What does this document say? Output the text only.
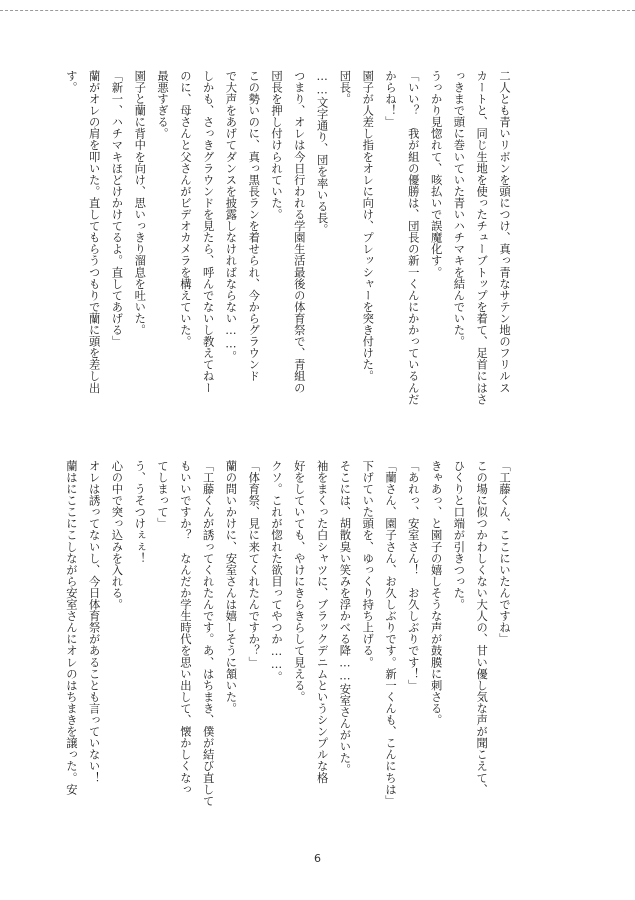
二人とも青いリボンを頭につけ、真っ青なサテン地のフリルス

カートと、同じ生地を使ったチューブトップを着て、足首にはさ

っきまで頭に巻いていた青いハチマキを結んでいた。

うっかり見惚れて、咳払いで誤魔化す。

「いい？　我が組の優勝は、団長の新一くんにかかっているんだ

からね！」

園子が人差し指をオレに向け、プレッシャーを突き付けた。

団長。

……文字通り、団を率いる長。

つまり、オレは今日行われる学園生活最後の体育祭で、青組の

団長を押し付けられていた。

この勢いのに、真っ黒長ランを着せられ、今からグラウンド

で大声をあげてダンスを披露しなければならない……。

しかも、さっきグラウンドを見たら、呼んでないし教えてねー

のに、母さんと父さんがビデオカメラを構えていた。

最悪すぎる。

園子と蘭に背中を向け、思いっきり溜息を吐いた。

「新一、ハチマキほどけかけてるよ。直してあげる」

蘭がオレの肩を叩いた。直してもらうつもりで蘭に頭を差し出

す。

「工藤くん、ここにいたんですね」

この場に似つかわしくない大人の、甘い優し気な声が聞こえて、

ひくりと口端が引きつった。

きゃあっ、と園子の嬉しそうな声が鼓膜に刺さる。

「あれっ、安室さん！　お久しぶりです！」

「蘭さん、園子さん、お久しぶりです。新一くんも、こんにちは」

下げていた頭を、ゆっくり持ち上げる。

そこには、胡散臭い笑みを浮かべる降……安室さんがいた。

袖をまくった白シャツに、ブラックデニムというシンプルな格

好をしていても、やけにきらきらして見える。

クソ。これが惚れた欲目ってやつか……。

「体育祭、見に来てくれたんですか？」

蘭の問いかけに、安室さんは嬉しそうに頷いた。

「工藤くんが誘ってくれたんです。あ、はちまき、僕が結び直して

もいいですか？　なんだか学生時代を思い出して、懐かしくなっ

てしまって」

う、うそつけぇぇ！

心の中で突っ込みを入れる。

オレは誘ってないし、今日体育祭があることも言っていない！

蘭はにここにこしながら安室さんにオレのはちまきを譲った。安

6
